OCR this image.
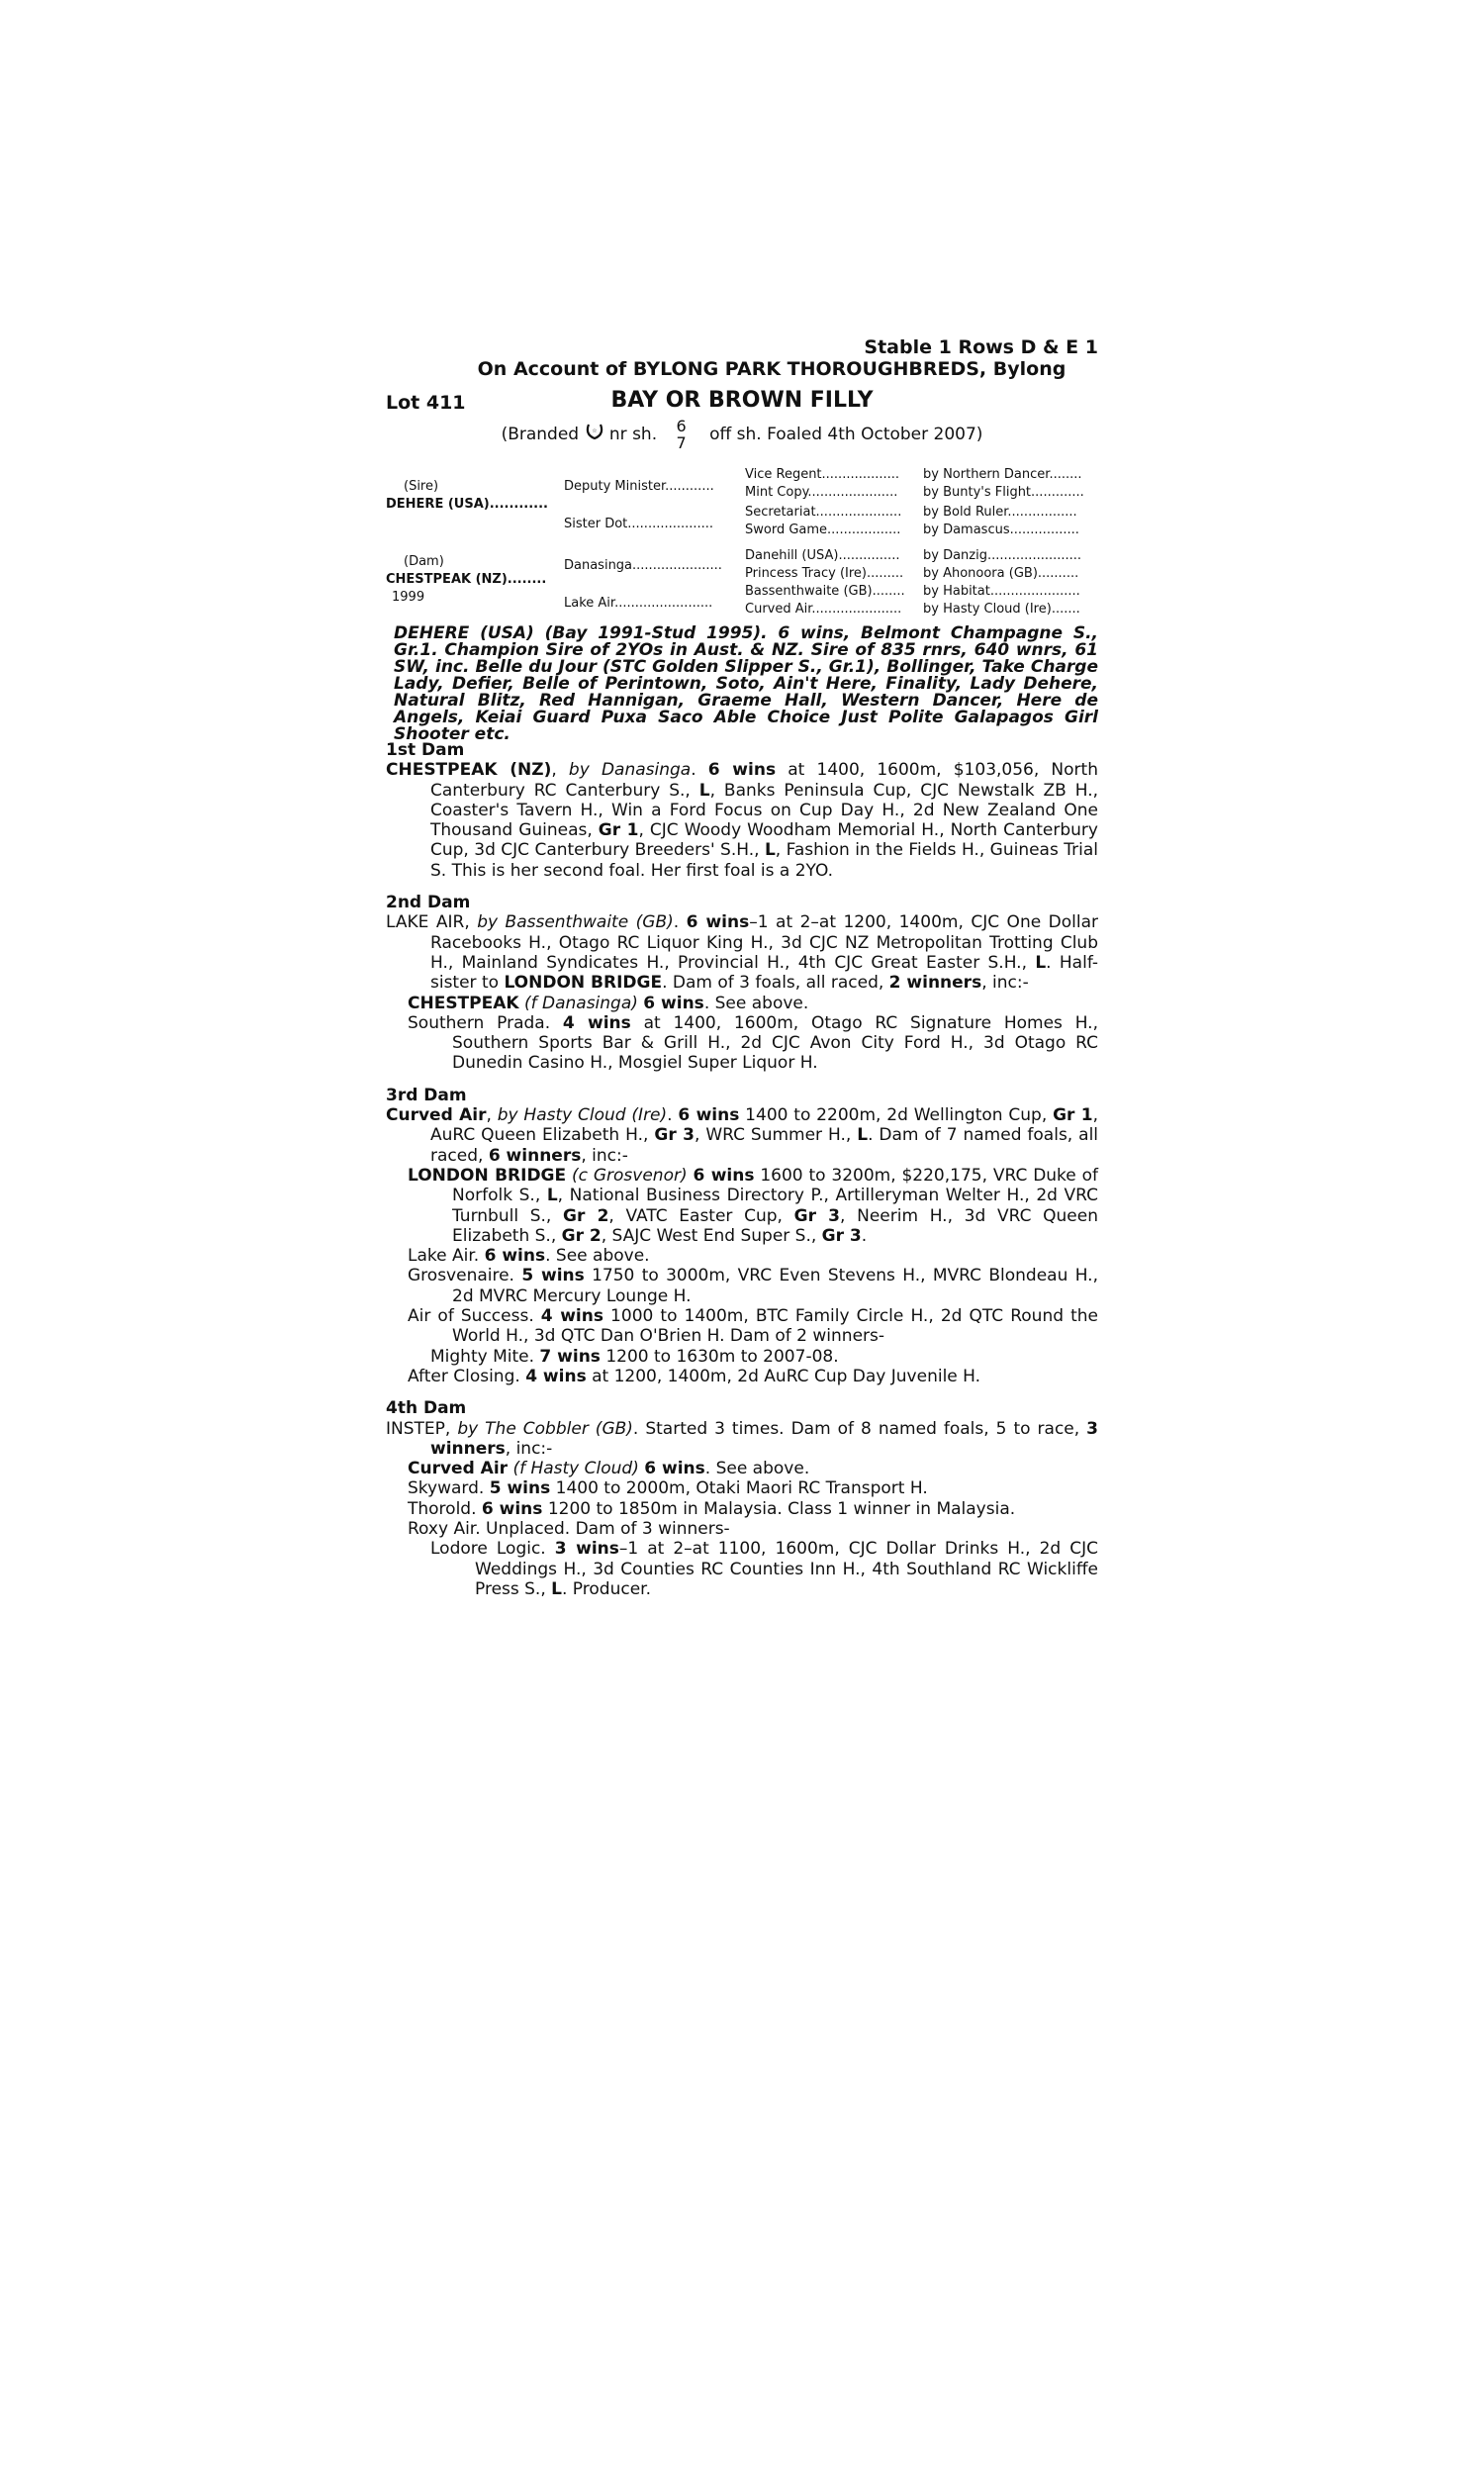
Stable 1 Rows D & E 1
On Account of BYLONG PARK THOROUGHBREDS, Bylong
Lot 411	BAY OR BROWN FILLY
(Branded ☆ nr sh. 6
7 off sh. Foaled 4th October 2007)
(Sire)
DEHERE (USA)............
(Dam)
CHESTPEAK (NZ)........
1999
Deputy Minister............
Sister Dot.....................
Danasinga......................
Lake Air........................
Vice Regent...................
Mint Copy......................
Secretariat.....................
Sword Game..................
Danehill (USA)...............
Princess Tracy (Ire).........
Bassenthwaite (GB)........
Curved Air......................
by Northern Dancer........
by Bunty's Flight.............
by Bold Ruler.................
by Damascus.................
by Danzig.......................
by Ahonoora (GB)..........
by Habitat......................
by Hasty Cloud (Ire).......
DEHERE (USA) (Bay 1991-Stud 1995). 6 wins, Belmont Champagne S., Gr.1. Champion Sire of 2YOs in Aust. & NZ. Sire of 835 rnrs, 640 wnrs, 61 SW, inc. Belle du Jour (STC Golden Slipper S., Gr.1), Bollinger, Take Charge Lady, Defier, Belle of Perintown, Soto, Ain't Here, Finality, Lady Dehere, Natural Blitz, Red Hannigan, Graeme Hall, Western Dancer, Here de Angels, Keiai Guard Puxa Saco Able Choice Just Polite Galapagos Girl Shooter etc.
1st Dam
CHESTPEAK (NZ), by Danasinga. 6 wins at 1400, 1600m, $103,056, North Canterbury RC Canterbury S., L, Banks Peninsula Cup, CJC Newstalk ZB H., Coaster's Tavern H., Win a Ford Focus on Cup Day H., 2d New Zealand One Thousand Guineas, Gr 1, CJC Woody Woodham Memorial H., North Canterbury Cup, 3d CJC Canterbury Breeders' S.H., L, Fashion in the Fields H., Guineas Trial S. This is her second foal. Her first foal is a 2YO.
2nd Dam
LAKE AIR, by Bassenthwaite (GB). 6 wins–1 at 2–at 1200, 1400m, CJC One Dollar Racebooks H., Otago RC Liquor King H., 3d CJC NZ Metropolitan Trotting Club H., Mainland Syndicates H., Provincial H., 4th CJC Great Easter S.H., L. Half-sister to LONDON BRIDGE. Dam of 3 foals, all raced, 2 winners, inc:-
CHESTPEAK (f Danasinga) 6 wins. See above.
Southern Prada. 4 wins at 1400, 1600m, Otago RC Signature Homes H., Southern Sports Bar & Grill H., 2d CJC Avon City Ford H., 3d Otago RC Dunedin Casino H., Mosgiel Super Liquor H.
3rd Dam
Curved Air, by Hasty Cloud (Ire). 6 wins 1400 to 2200m, 2d Wellington Cup, Gr 1, AuRC Queen Elizabeth H., Gr 3, WRC Summer H., L. Dam of 7 named foals, all raced, 6 winners, inc:-
LONDON BRIDGE (c Grosvenor) 6 wins 1600 to 3200m, $220,175, VRC Duke of Norfolk S., L, National Business Directory P., Artilleryman Welter H., 2d VRC Turnbull S., Gr 2, VATC Easter Cup, Gr 3, Neerim H., 3d VRC Queen Elizabeth S., Gr 2, SAJC West End Super S., Gr 3.
Lake Air. 6 wins. See above.
Grosvenaire. 5 wins 1750 to 3000m, VRC Even Stevens H., MVRC Blondeau H., 2d MVRC Mercury Lounge H.
Air of Success. 4 wins 1000 to 1400m, BTC Family Circle H., 2d QTC Round the World H., 3d QTC Dan O'Brien H. Dam of 2 winners-
Mighty Mite. 7 wins 1200 to 1630m to 2007-08.
After Closing. 4 wins at 1200, 1400m, 2d AuRC Cup Day Juvenile H.
4th Dam
INSTEP, by The Cobbler (GB). Started 3 times. Dam of 8 named foals, 5 to race, 3 winners, inc:-
Curved Air (f Hasty Cloud) 6 wins. See above.
Skyward. 5 wins 1400 to 2000m, Otaki Maori RC Transport H.
Thorold. 6 wins 1200 to 1850m in Malaysia. Class 1 winner in Malaysia.
Roxy Air. Unplaced. Dam of 3 winners-
Lodore Logic. 3 wins–1 at 2–at 1100, 1600m, CJC Dollar Drinks H., 2d CJC Weddings H., 3d Counties RC Counties Inn H., 4th Southland RC Wickliffe Press S., L. Producer.
